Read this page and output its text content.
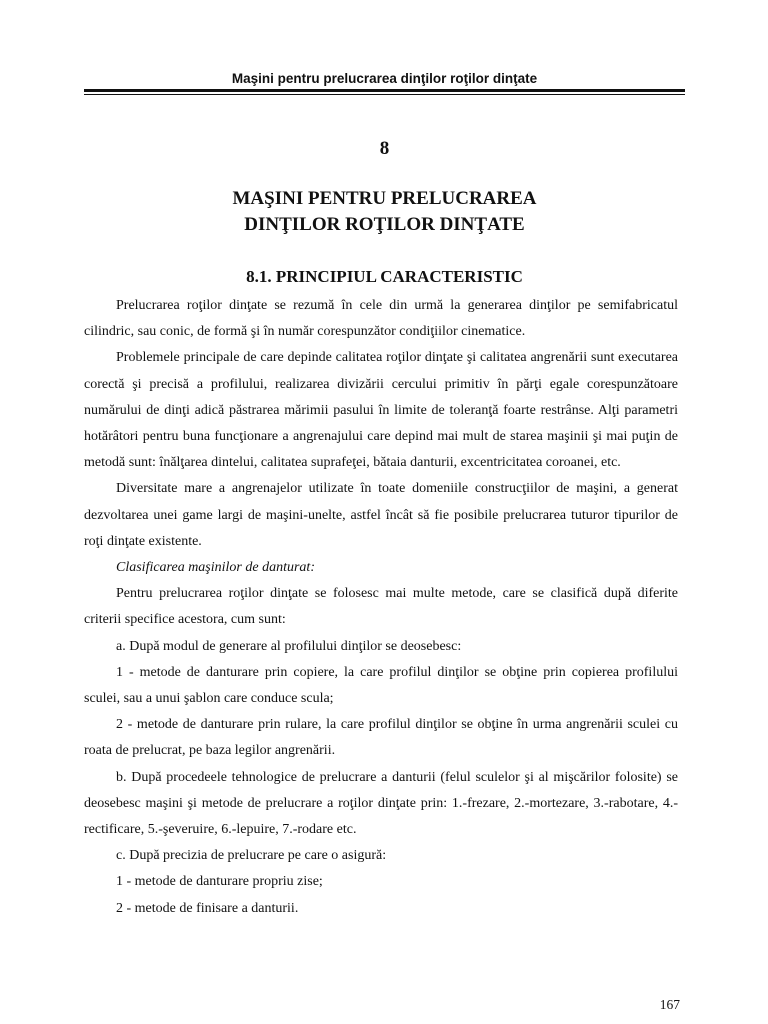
Maşini pentru prelucrarea dinţilor roţilor dinţate
8
MAŞINI PENTRU PRELUCRAREA
DINŢILOR ROŢILOR DINŢATE
8.1. PRINCIPIUL CARACTERISTIC

Prelucrarea roţilor dinţate se rezumă în cele din urmă la generarea dinţilor pe semifabricatul cilindric, sau conic, de formă şi în număr corespunzător condiţiilor cinematice.

Problemele principale de care depinde calitatea roţilor dinţate şi calitatea angrenării sunt executarea corectă şi precisă a profilului, realizarea divizării cercului primitiv în părţi egale corespunzătoare numărului de dinţi adică păstrarea mărimii pasului în limite de toleranţă foarte restrânse. Alţi parametri hotărâtori pentru buna funcţionare a angrenajului care depind mai mult de starea maşinii şi mai puţin de metodă sunt: înălţarea dintelui, calitatea suprafeţei, bătaia danturii, excentricitatea coroanei, etc.

Diversitate mare a angrenajelor utilizate în toate domeniile construcţiilor de maşini, a generat dezvoltarea unei game largi de maşini-unelte, astfel încât să fie posibile prelucrarea tuturor tipurilor de roţi dinţate existente.

Clasificarea maşinilor de danturat:

Pentru prelucrarea roţilor dinţate se folosesc mai multe metode, care se clasifică după diferite criterii specifice acestora, cum sunt:

a. După modul de generare al profilului dinţilor se deosebesc:

1 - metode de danturare prin copiere, la care profilul dinţilor se obţine prin copierea profilului sculei, sau a unui şablon care conduce scula;

2 - metode de danturare prin rulare, la care profilul dinţilor se obţine în urma angrenării sculei cu roata de prelucrat, pe baza legilor angrenării.

b. După procedeele tehnologice de prelucrare a danturii (felul sculelor şi al mişcărilor folosite) se deosebesc maşini şi metode de prelucrare a roţilor dinţate prin: 1.-frezare, 2.-mortezare, 3.-rabotare, 4.-rectificare, 5.-şeveruire, 6.-lepuire, 7.-rodare etc.

c. După precizia de prelucrare pe care o asigură:

1 - metode de danturare propriu zise;

2 - metode de finisare a danturii.

167
